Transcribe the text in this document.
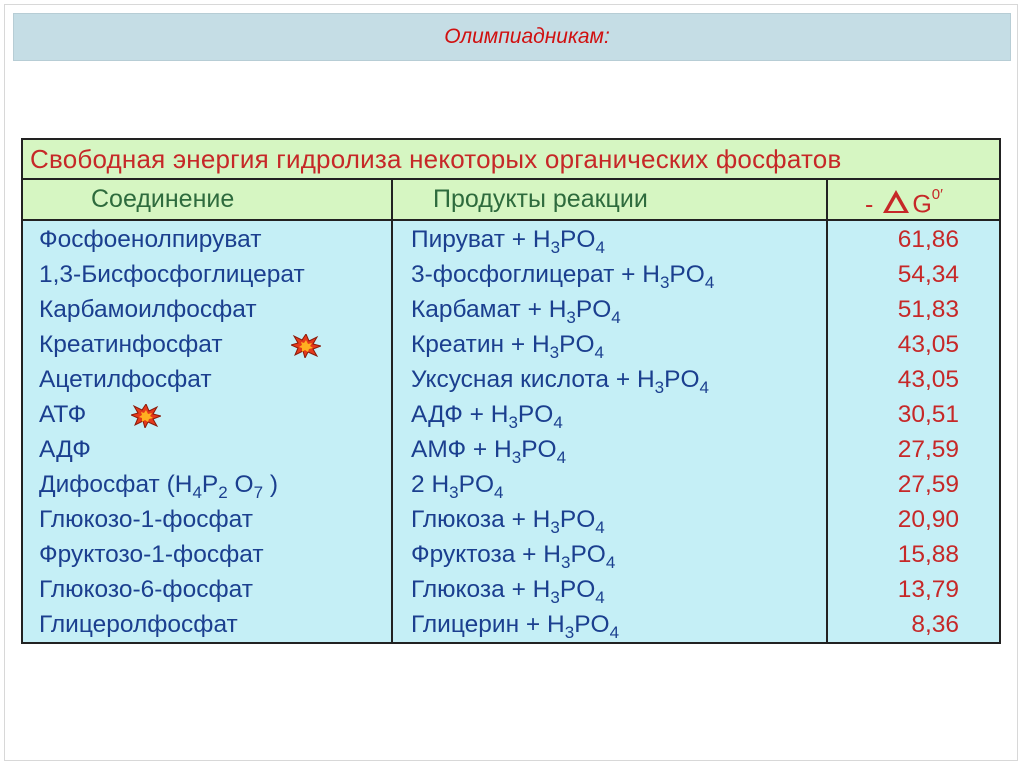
Олимпиадникам:
Свободная энергия гидролиза некоторых органических фосфатов
Соединение	Продукты реакции	- $G^{0'}$
Фосфоенолпируват	Пируват + $H_3PO_4$	61,86
1,3-Бисфосфоглицерат	3-фосфоглицерат + $H_3PO_4$	54,34
Карбамоилфосфат	Карбамат + $H_3PO_4$	51,83
Креатинфосфат	Креатин + $H_3PO_4$	43,05
Ацетилфосфат	Уксусная кислота + $H_3PO_4$	43,05
АТФ	АДФ + $H_3PO_4$	30,51
АДФ	АМФ + $H_3PO_4$	27,59
Дифосфат ($H_4P_2$ $O_7$ )	2 $H_3PO_4$	27,59
Глюкозо-1-фосфат	Глюкоза + $H_3PO_4$	20,90
Фруктозо-1-фосфат	Фруктоза + $H_3PO_4$	15,88
Глюкозо-6-фосфат	Глюкоза + $H_3PO_4$	13,79
Глицеролфосфат	Глицерин + $H_3PO_4$	8,36
